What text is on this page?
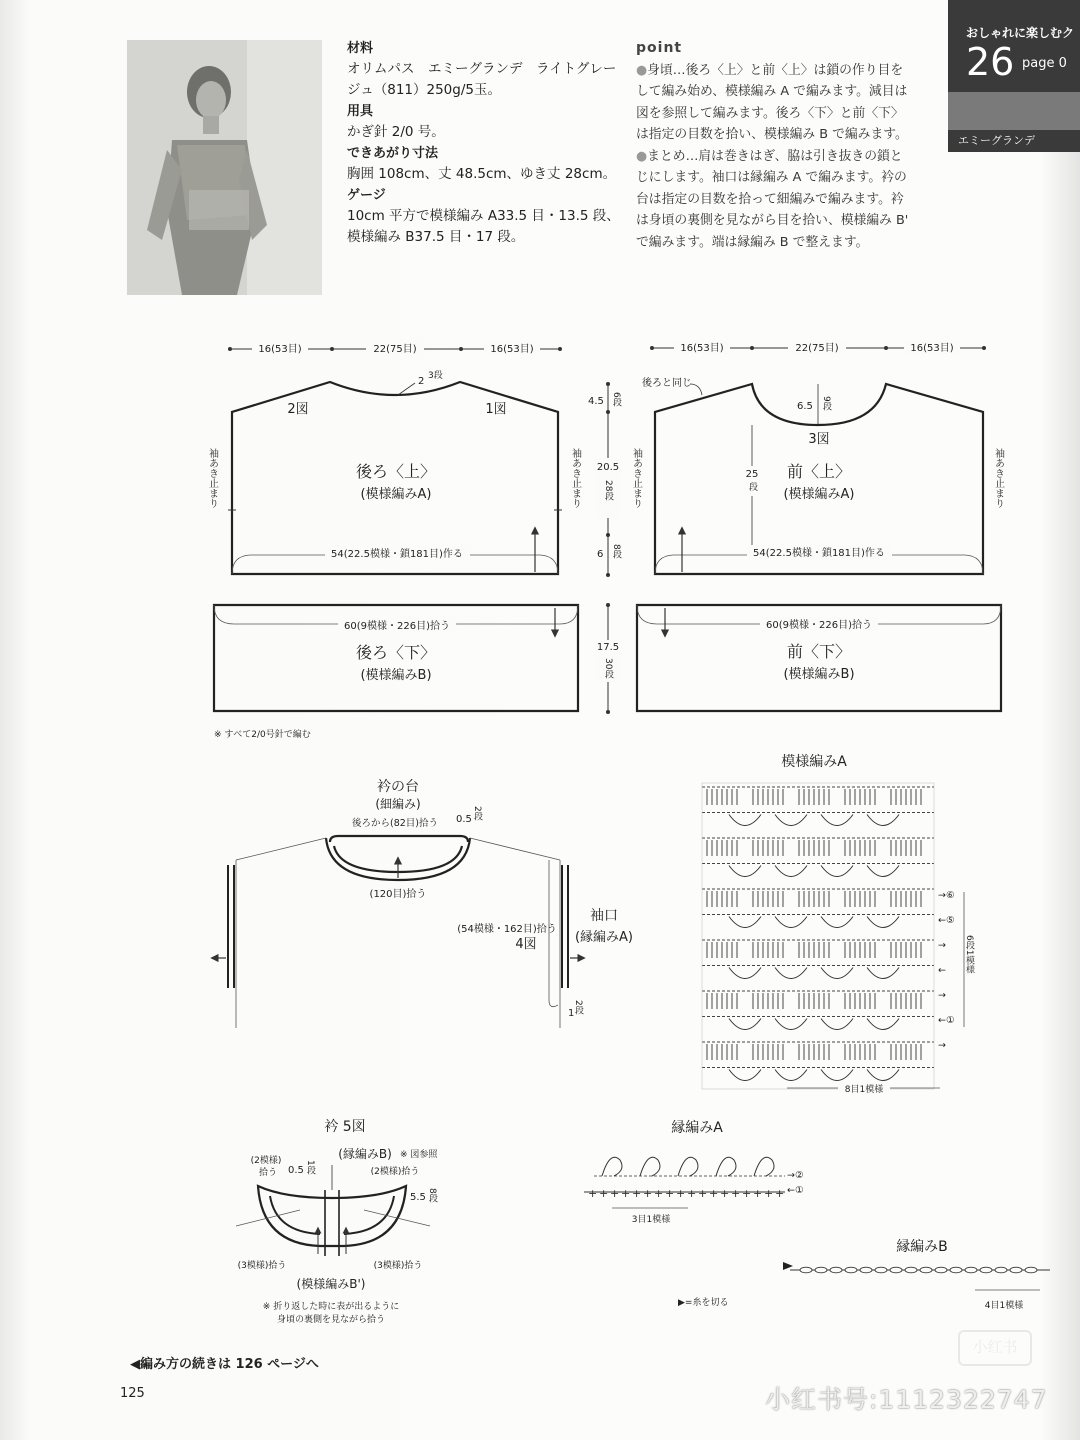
おしゃれに楽しむク
26 page 0
エミーグランデ
材料
オリムパス　エミーグランデ　ライトグレージュ（811）250g/5玉。
用具
かぎ針 2/0 号。
できあがり寸法
胸囲 108cm、丈 48.5cm、ゆき丈 28cm。
ゲージ
10cm 平方で模様編み A33.5 目・13.5 段、模様編み B37.5 目・17 段。
point
●身頃…後ろ〈上〉と前〈上〉は鎖の作り目をして編み始め、模様編み A で編みます。減目は図を参照して編みます。後ろ〈下〉と前〈下〉は指定の目数を拾い、模様編み B で編みます。
●まとめ…肩は巻きはぎ、脇は引き抜きの鎖とじにします。袖口は縁編み A で編みます。衿の台は指定の目数を拾って細編みで編みます。衿は身頃の裏側を見ながら目を拾い、模様編み B' で編みます。端は縁編み B で整えます。
16(53目)	22(75目)	16(53目)
2 3段
2図	1図
後ろ〈上〉
(模様編みA)
袖あき止まり	袖あき止まり
54(22.5模様・鎖181目)作る
60(9模様・226目)拾う
後ろ〈下〉
(模様編みB)
4.5 6段
20.5
28段
6 8段
17.5
30段
16(53目)	22(75目)	16(53目)
後ろと同じ
6.5 9段
3図
25
段
前〈上〉
(模様編みA)
袖あき止まり	袖あき止まり
54(22.5模様・鎖181目)作る
60(9模様・226目)拾う
前〈下〉
(模様編みB)
※ すべて2/0号針で編む
衿の台
(細編み)
後ろから(82目)拾う 0.5 2段
(120目)拾う
(54模様・162目)拾う
4図
袖口
(縁編みA)
1
2段
模様編みA
→⑥
←⑤
→
←
→
←①
→
6段1模様
8目1模様
衿 5図
(縁編みB) ※ 図参照
(2模様)
拾う 0.5 1段	(2模様)拾う
5.5 8段
(3模様)拾う	(3模様)拾う
(模様編みB')
※ 折り返した時に表が出るように
身頃の裏側を見ながら拾う
縁編みA
+ + + + + + + + + + + + + + + + + +
→②
←①
3目1模様
縁編みB
4目1模様
▶=糸を切る
◀編み方の続きは 126 ページへ
125
小红书
小红书号:1112322747
